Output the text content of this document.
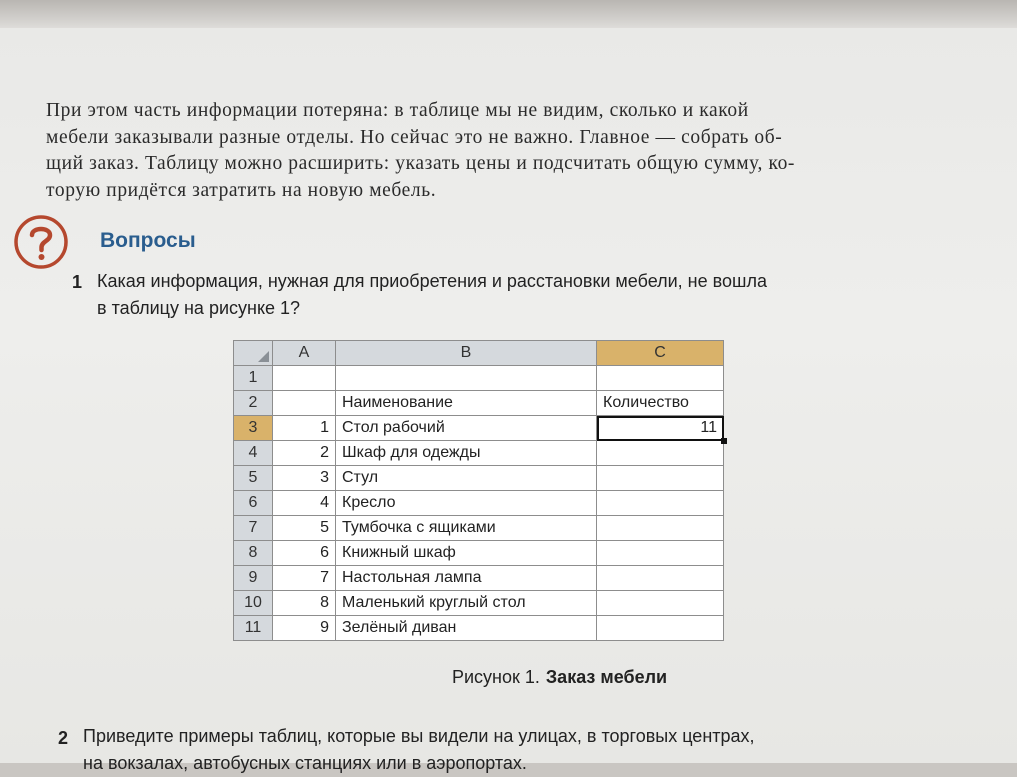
При этом часть информации потеряна: в таблице мы не видим, сколько и какой
мебели заказывали разные отделы. Но сейчас это не важно. Главное — собрать об-
щий заказ. Таблицу можно расширить: указать цены и подсчитать общую сумму, ко-
торую придётся затратить на новую мебель.

Вопросы
1 Какая информация, нужная для приобретения и расстановки мебели, не вошла
в таблицу на рисунке 1?

	A	B	C
1			
2		Наименование	Количество
3	1	Стол рабочий	11

4	2	Шкаф для одежды	
5	3	Стул	
6	4	Кресло	
7	5	Тумбочка с ящиками	
8	6	Книжный шкаф	
9	7	Настольная лампа	
10	8	Маленький круглый стол	
11	9	Зелёный диван	
Рисунок 1. Заказ мебели
2 Приведите примеры таблиц, которые вы видели на улицах, в торговых центрах,
на вокзалах, автобусных станциях или в аэропортах.
